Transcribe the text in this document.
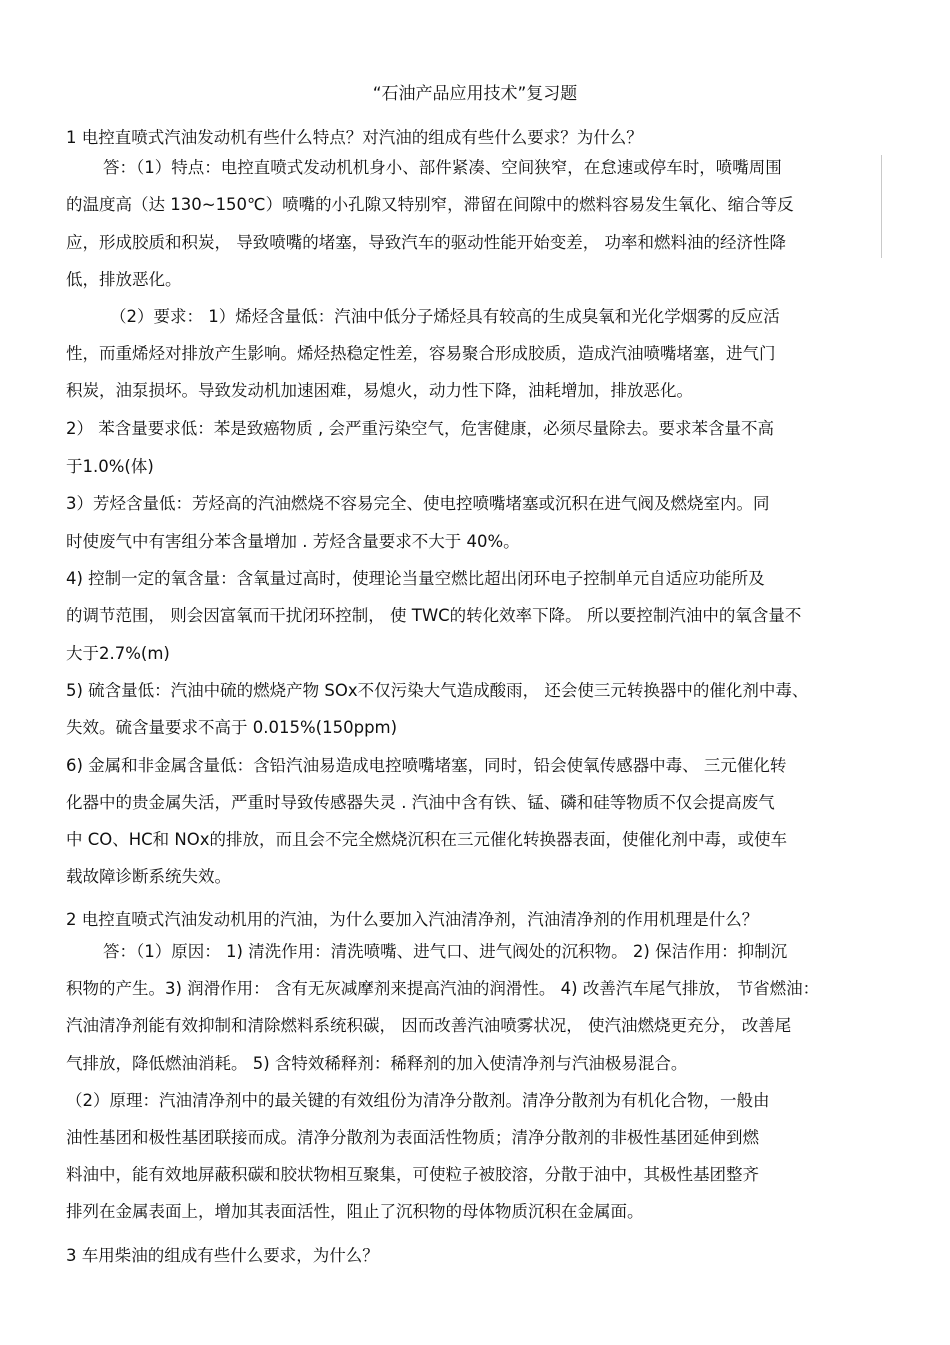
“石油产品应用技术”复习题
1 电控直喷式汽油发动机有些什么特点？对汽油的组成有些什么要求？为什么？
答：（1）特点：电控直喷式发动机机身小、部件紧凑、空间狭窄，在怠速或停车时，喷嘴周围
的温度高（达 130~150℃）喷嘴的小孔隙又特别窄，滞留在间隙中的燃料容易发生氧化、缩合等反
应，形成胶质和积炭， 导致喷嘴的堵塞，导致汽车的驱动性能开始变差， 功率和燃料油的经济性降
低，排放恶化。
（2）要求： 1）烯烃含量低：汽油中低分子烯烃具有较高的生成臭氧和光化学烟雾的反应活
性，而重烯烃对排放产生影响。烯烃热稳定性差，容易聚合形成胶质，造成汽油喷嘴堵塞，进气门
积炭，油泵损坏。导致发动机加速困难，易熄火，动力性下降，油耗增加，排放恶化。
2） 苯含量要求低：苯是致癌物质 , 会严重污染空气，危害健康，必须尽量除去。要求苯含量不高
于1.0%(体)
3）芳烃含量低：芳烃高的汽油燃烧不容易完全、使电控喷嘴堵塞或沉积在进气阀及燃烧室内。同
时使废气中有害组分苯含量增加 . 芳烃含量要求不大于 40%。
4) 控制一定的氧含量：含氧量过高时，使理论当量空燃比超出闭环电子控制单元自适应功能所及
的调节范围， 则会因富氧而干扰闭环控制， 使 TWC的转化效率下降。 所以要控制汽油中的氧含量不
大于2.7%(m)
5) 硫含量低：汽油中硫的燃烧产物 SOx不仅污染大气造成酸雨， 还会使三元转换器中的催化剂中毒、
失效。硫含量要求不高于 0.015%(150ppm)
6) 金属和非金属含量低：含铅汽油易造成电控喷嘴堵塞，同时，铅会使氧传感器中毒、 三元催化转
化器中的贵金属失活，严重时导致传感器失灵 . 汽油中含有铁、锰、磷和硅等物质不仅会提高废气
中 CO、HC和 NOx的排放，而且会不完全燃烧沉积在三元催化转换器表面，使催化剂中毒，或使车
载故障诊断系统失效。
2 电控直喷式汽油发动机用的汽油，为什么要加入汽油清净剂，汽油清净剂的作用机理是什么？
答：（1）原因： 1) 清洗作用：清洗喷嘴、进气口、进气阀处的沉积物。 2) 保洁作用：抑制沉
积物的产生。3) 润滑作用： 含有无灰减摩剂来提高汽油的润滑性。 4) 改善汽车尾气排放， 节省燃油：
汽油清净剂能有效抑制和清除燃料系统积碳， 因而改善汽油喷雾状况， 使汽油燃烧更充分， 改善尾
气排放，降低燃油消耗。 5) 含特效稀释剂：稀释剂的加入使清净剂与汽油极易混合。
（2）原理：汽油清净剂中的最关键的有效组份为清净分散剂。清净分散剂为有机化合物，一般由
油性基团和极性基团联接而成。清净分散剂为表面活性物质；清净分散剂的非极性基团延伸到燃
料油中，能有效地屏蔽积碳和胶状物相互聚集，可使粒子被胶溶，分散于油中，其极性基团整齐
排列在金属表面上，增加其表面活性，阻止了沉积物的母体物质沉积在金属面。
3 车用柴油的组成有些什么要求，为什么？
